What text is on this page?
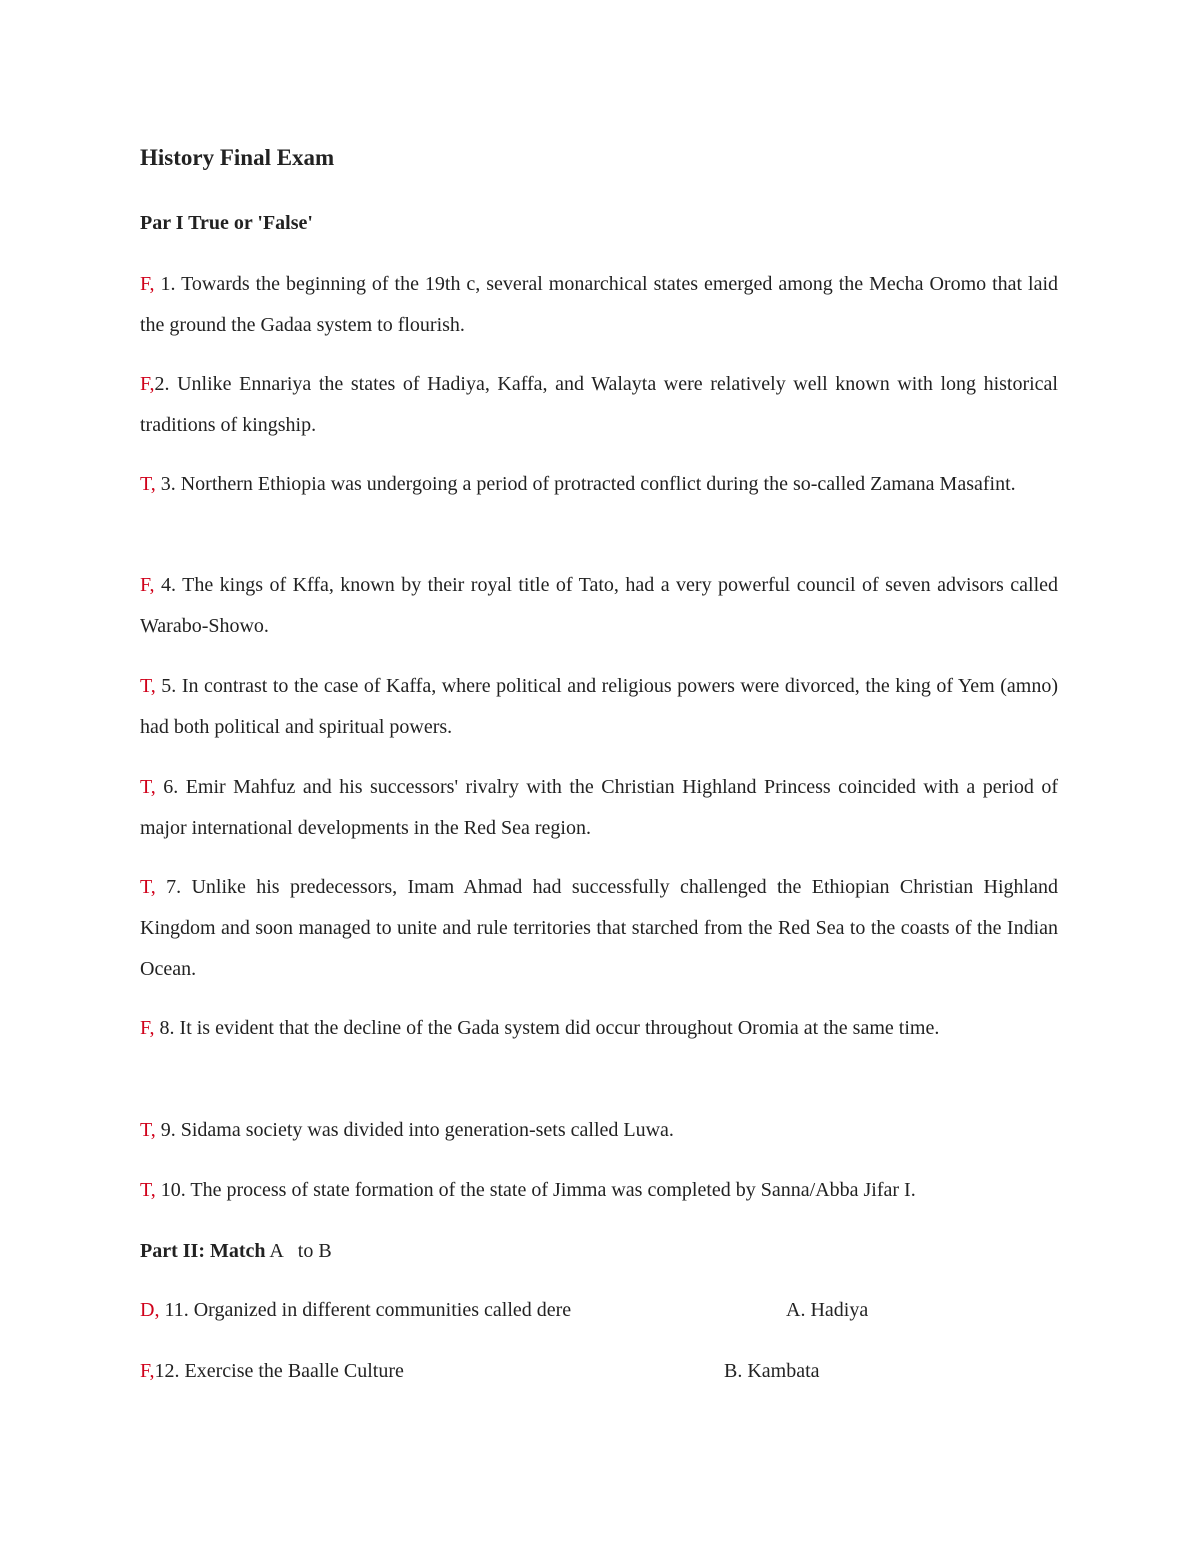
History Final Exam

Par I True or 'False'

F, 1. Towards the beginning of the 19th c, several monarchical states emerged among the Mecha Oromo that laid the ground the Gadaa system to flourish.

F,2. Unlike Ennariya the states of Hadiya, Kaffa, and Walayta were relatively well known with long historical traditions of kingship.

T, 3. Northern Ethiopia was undergoing a period of protracted conflict during the so-called Zamana Masafint.

F, 4. The kings of Kffa, known by their royal title of Tato, had a very powerful council of seven advisors called Warabo-Showo.

T, 5. In contrast to the case of Kaffa, where political and religious powers were divorced, the king of Yem (amno) had both political and spiritual powers.

T, 6. Emir Mahfuz and his successors' rivalry with the Christian Highland Princess coincided with a period of major international developments in the Red Sea region.

T, 7. Unlike his predecessors, Imam Ahmad had successfully challenged the Ethiopian Christian Highland Kingdom and soon managed to unite and rule territories that starched from the Red Sea to the coasts of the Indian Ocean.

F, 8. It is evident that the decline of the Gada system did occur throughout Oromia at the same time.

T, 9. Sidama society was divided into generation-sets called Luwa.

T, 10. The process of state formation of the state of Jimma was completed by Sanna/Abba Jifar I.

Part II: Match A   to B

D, 11. Organized in different communities called dere	A. Hadiya
F,12. Exercise the Baalle Culture	B. Kambata
